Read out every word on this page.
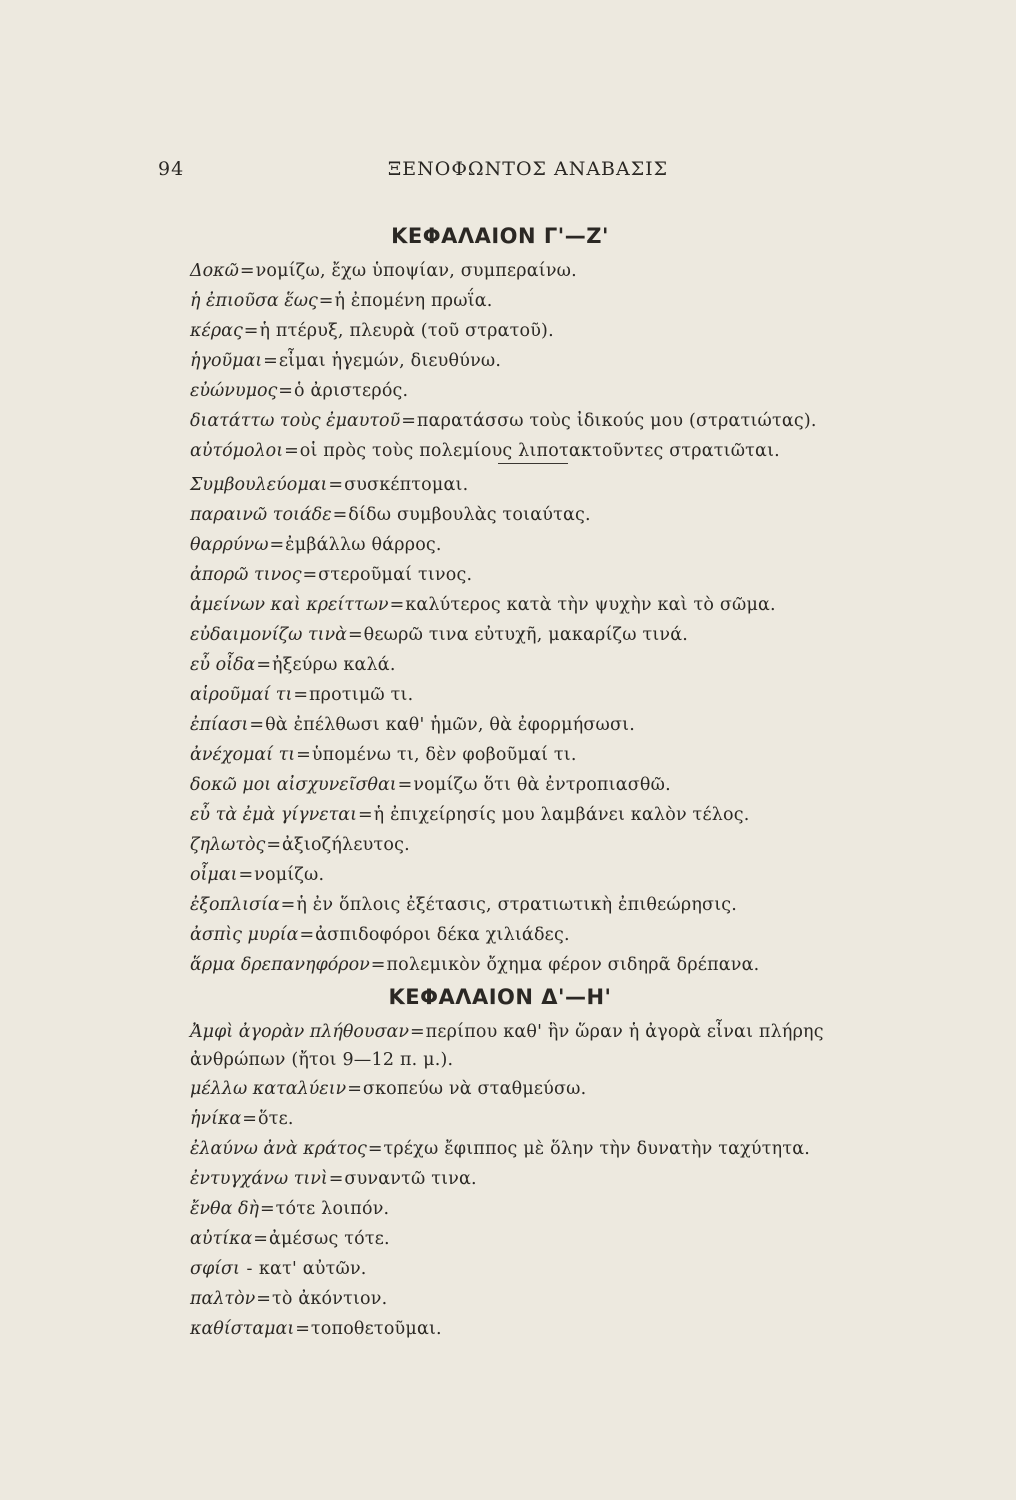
94	ΞΕΝΟΦΩΝΤΟΣ ΑΝΑΒΑΣΙΣ
ΚΕΦΑΛΑΙΟΝ Γ'—Ζ'
Δοκῶ=νομίζω, ἔχω ὑποψίαν, συμπεραίνω.
ἡ ἐπιοῦσα ἕως=ἡ ἐπομένη πρωΐα.
κέρας=ἡ πτέρυξ, πλευρὰ (τοῦ στρατοῦ).
ἡγοῦμαι=εἶμαι ἡγεμών, διευθύνω.
εὐώνυμος=ὁ ἀριστερός.
διατάττω τοὺς ἐμαυτοῦ=παρατάσσω τοὺς ἰδικούς μου (στρατιώτας).
αὐτόμολοι=οἱ πρὸς τοὺς πολεμίους λιποτακτοῦντες στρατιῶται.
Συμβουλεύομαι=συσκέπτομαι.
παραινῶ τοιάδε=δίδω συμβουλὰς τοιαύτας.
θαρρύνω=ἐμβάλλω θάρρος.
ἀπορῶ τινος=στεροῦμαί τινος.
ἀμείνων καὶ κρείττων=καλύτερος κατὰ τὴν ψυχὴν καὶ τὸ σῶμα.
εὐδαιμονίζω τινὰ=θεωρῶ τινα εὐτυχῆ, μακαρίζω τινά.
εὖ οἶδα=ἠξεύρω καλά.
αἱροῦμαί τι=προτιμῶ τι.
ἐπίασι=θὰ ἐπέλθωσι καθ' ἡμῶν, θὰ ἐφορμήσωσι.
ἀνέχομαί τι=ὑπομένω τι, δὲν φοβοῦμαί τι.
δοκῶ μοι αἰσχυνεῖσθαι=νομίζω ὅτι θὰ ἐντροπιασθῶ.
εὖ τὰ ἐμὰ γίγνεται=ἡ ἐπιχείρησίς μου λαμβάνει καλὸν τέλος.
ζηλωτὸς=ἀξιοζήλευτος.
οἶμαι=νομίζω.
ἐξοπλισία=ἡ ἐν ὅπλοις ἐξέτασις, στρατιωτικὴ ἐπιθεώρησις.
ἀσπὶς μυρία=ἀσπιδοφόροι δέκα χιλιάδες.
ἅρμα δρεπανηφόρον=πολεμικὸν ὄχημα φέρον σιδηρᾶ δρέπανα.
ΚΕΦΑΛΑΙΟΝ Δ'—Η'
Ἀμφὶ ἀγορὰν πλήθουσαν=περίπου καθ' ἣν ὥραν ἡ ἀγορὰ εἶναι πλήρης ἀνθρώπων (ἤτοι 9—12 π. μ.).
μέλλω καταλύειν=σκοπεύω νὰ σταθμεύσω.
ἡνίκα=ὅτε.
ἐλαύνω ἀνὰ κράτος=τρέχω ἔφιππος μὲ ὅλην τὴν δυνατὴν ταχύτητα.
ἐντυγχάνω τινὶ=συναντῶ τινα.
ἔνθα δὴ=τότε λοιπόν.
αὐτίκα=ἀμέσως τότε.
σφίσι - κατ' αὐτῶν.
παλτὸν=τὸ ἀκόντιον.
καθίσταμαι=τοποθετοῦμαι.
